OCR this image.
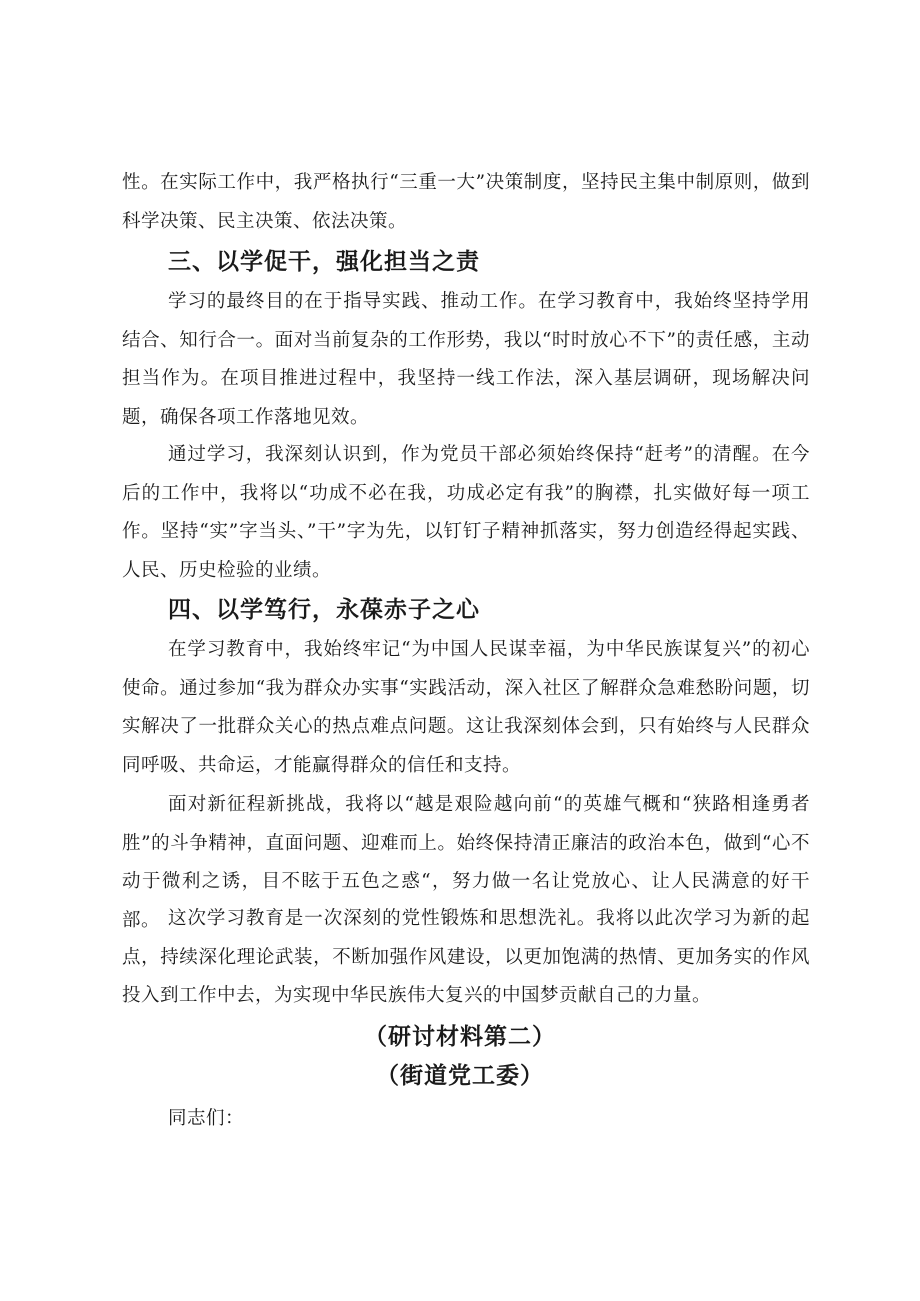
性。在实际工作中，我严格执行“三重一大”决策制度，坚持民主集中制原则，做到科学决策、民主决策、依法决策。

三、以学促干，强化担当之责

学习的最终目的在于指导实践、推动工作。在学习教育中，我始终坚持学用结合、知行合一。面对当前复杂的工作形势，我以“时时放心不下”的责任感，主动担当作为。在项目推进过程中，我坚持一线工作法，深入基层调研，现场解决问题，确保各项工作落地见效。

通过学习，我深刻认识到，作为党员干部必须始终保持“赶考”的清醒。在今后的工作中，我将以“功成不必在我，功成必定有我”的胸襟，扎实做好每一项工作。坚持“实”字当头、”干”字为先，以钉钉子精神抓落实，努力创造经得起实践、人民、历史检验的业绩。

四、以学笃行，永葆赤子之心

在学习教育中，我始终牢记“为中国人民谋幸福，为中华民族谋复兴”的初心使命。通过参加“我为群众办实事“实践活动，深入社区了解群众急难愁盼问题，切实解决了一批群众关心的热点难点问题。这让我深刻体会到，只有始终与人民群众同呼吸、共命运，才能赢得群众的信任和支持。

面对新征程新挑战，我将以“越是艰险越向前“的英雄气概和“狭路相逢勇者胜”的斗争精神，直面问题、迎难而上。始终保持清正廉洁的政治本色，做到“心不动于微利之诱，目不眩于五色之惑“，努力做一名让党放心、让人民满意的好干部。 这次学习教育是一次深刻的党性锻炼和思想洗礼。我将以此次学习为新的起点，持续深化理论武装，不断加强作风建设，以更加饱满的热情、更加务实的作风投入到工作中去，为实现中华民族伟大复兴的中国梦贡献自己的力量。

（研讨材料第二）
（街道党工委）

同志们：
